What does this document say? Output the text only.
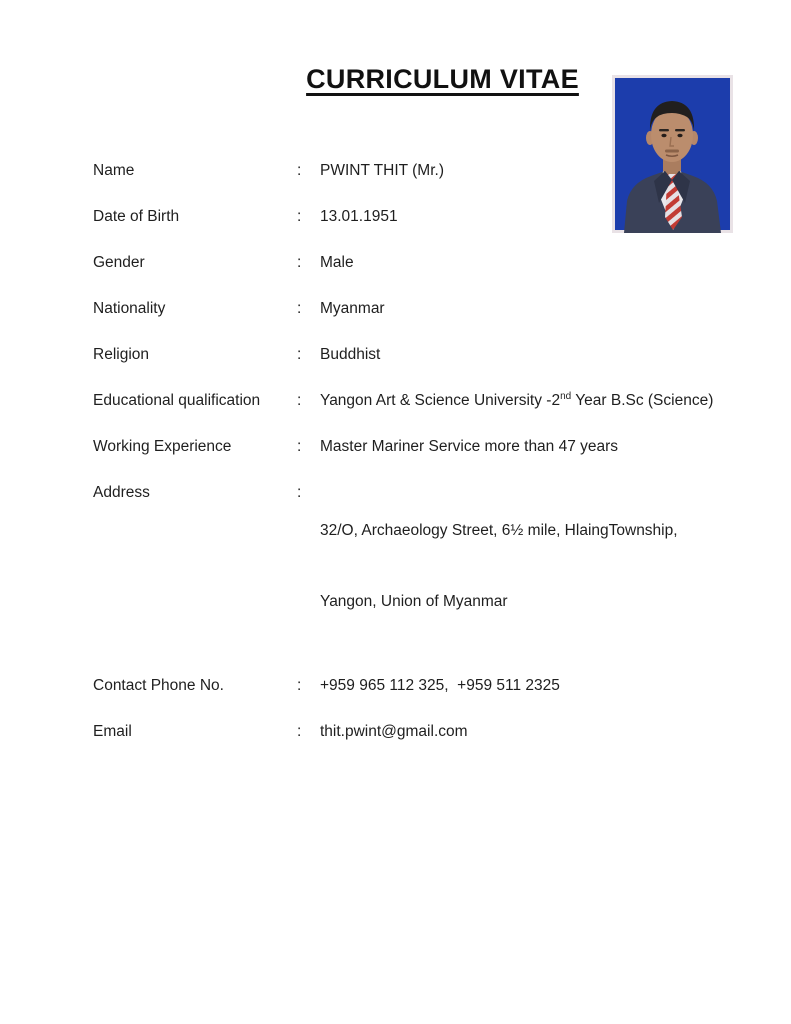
CURRICULUM VITAE
Name	:	PWINT THIT (Mr.)
Date of Birth	:	13.01.1951
Gender	:	Male
Nationality	:	Myanmar
Religion	:	Buddhist
Educational qualification	:	Yangon Art & Science University -2nd Year B.Sc (Science)
Working Experience	:	Master Mariner Service more than 47 years
Address	:

32/O, Archaeology Street, 6½ mile, HlaingTownship,

Yangon, Union of Myanmar

Contact Phone No.	:	+959 965 112 325,  +959 511 2325
Email	:	thit.pwint@gmail.com
